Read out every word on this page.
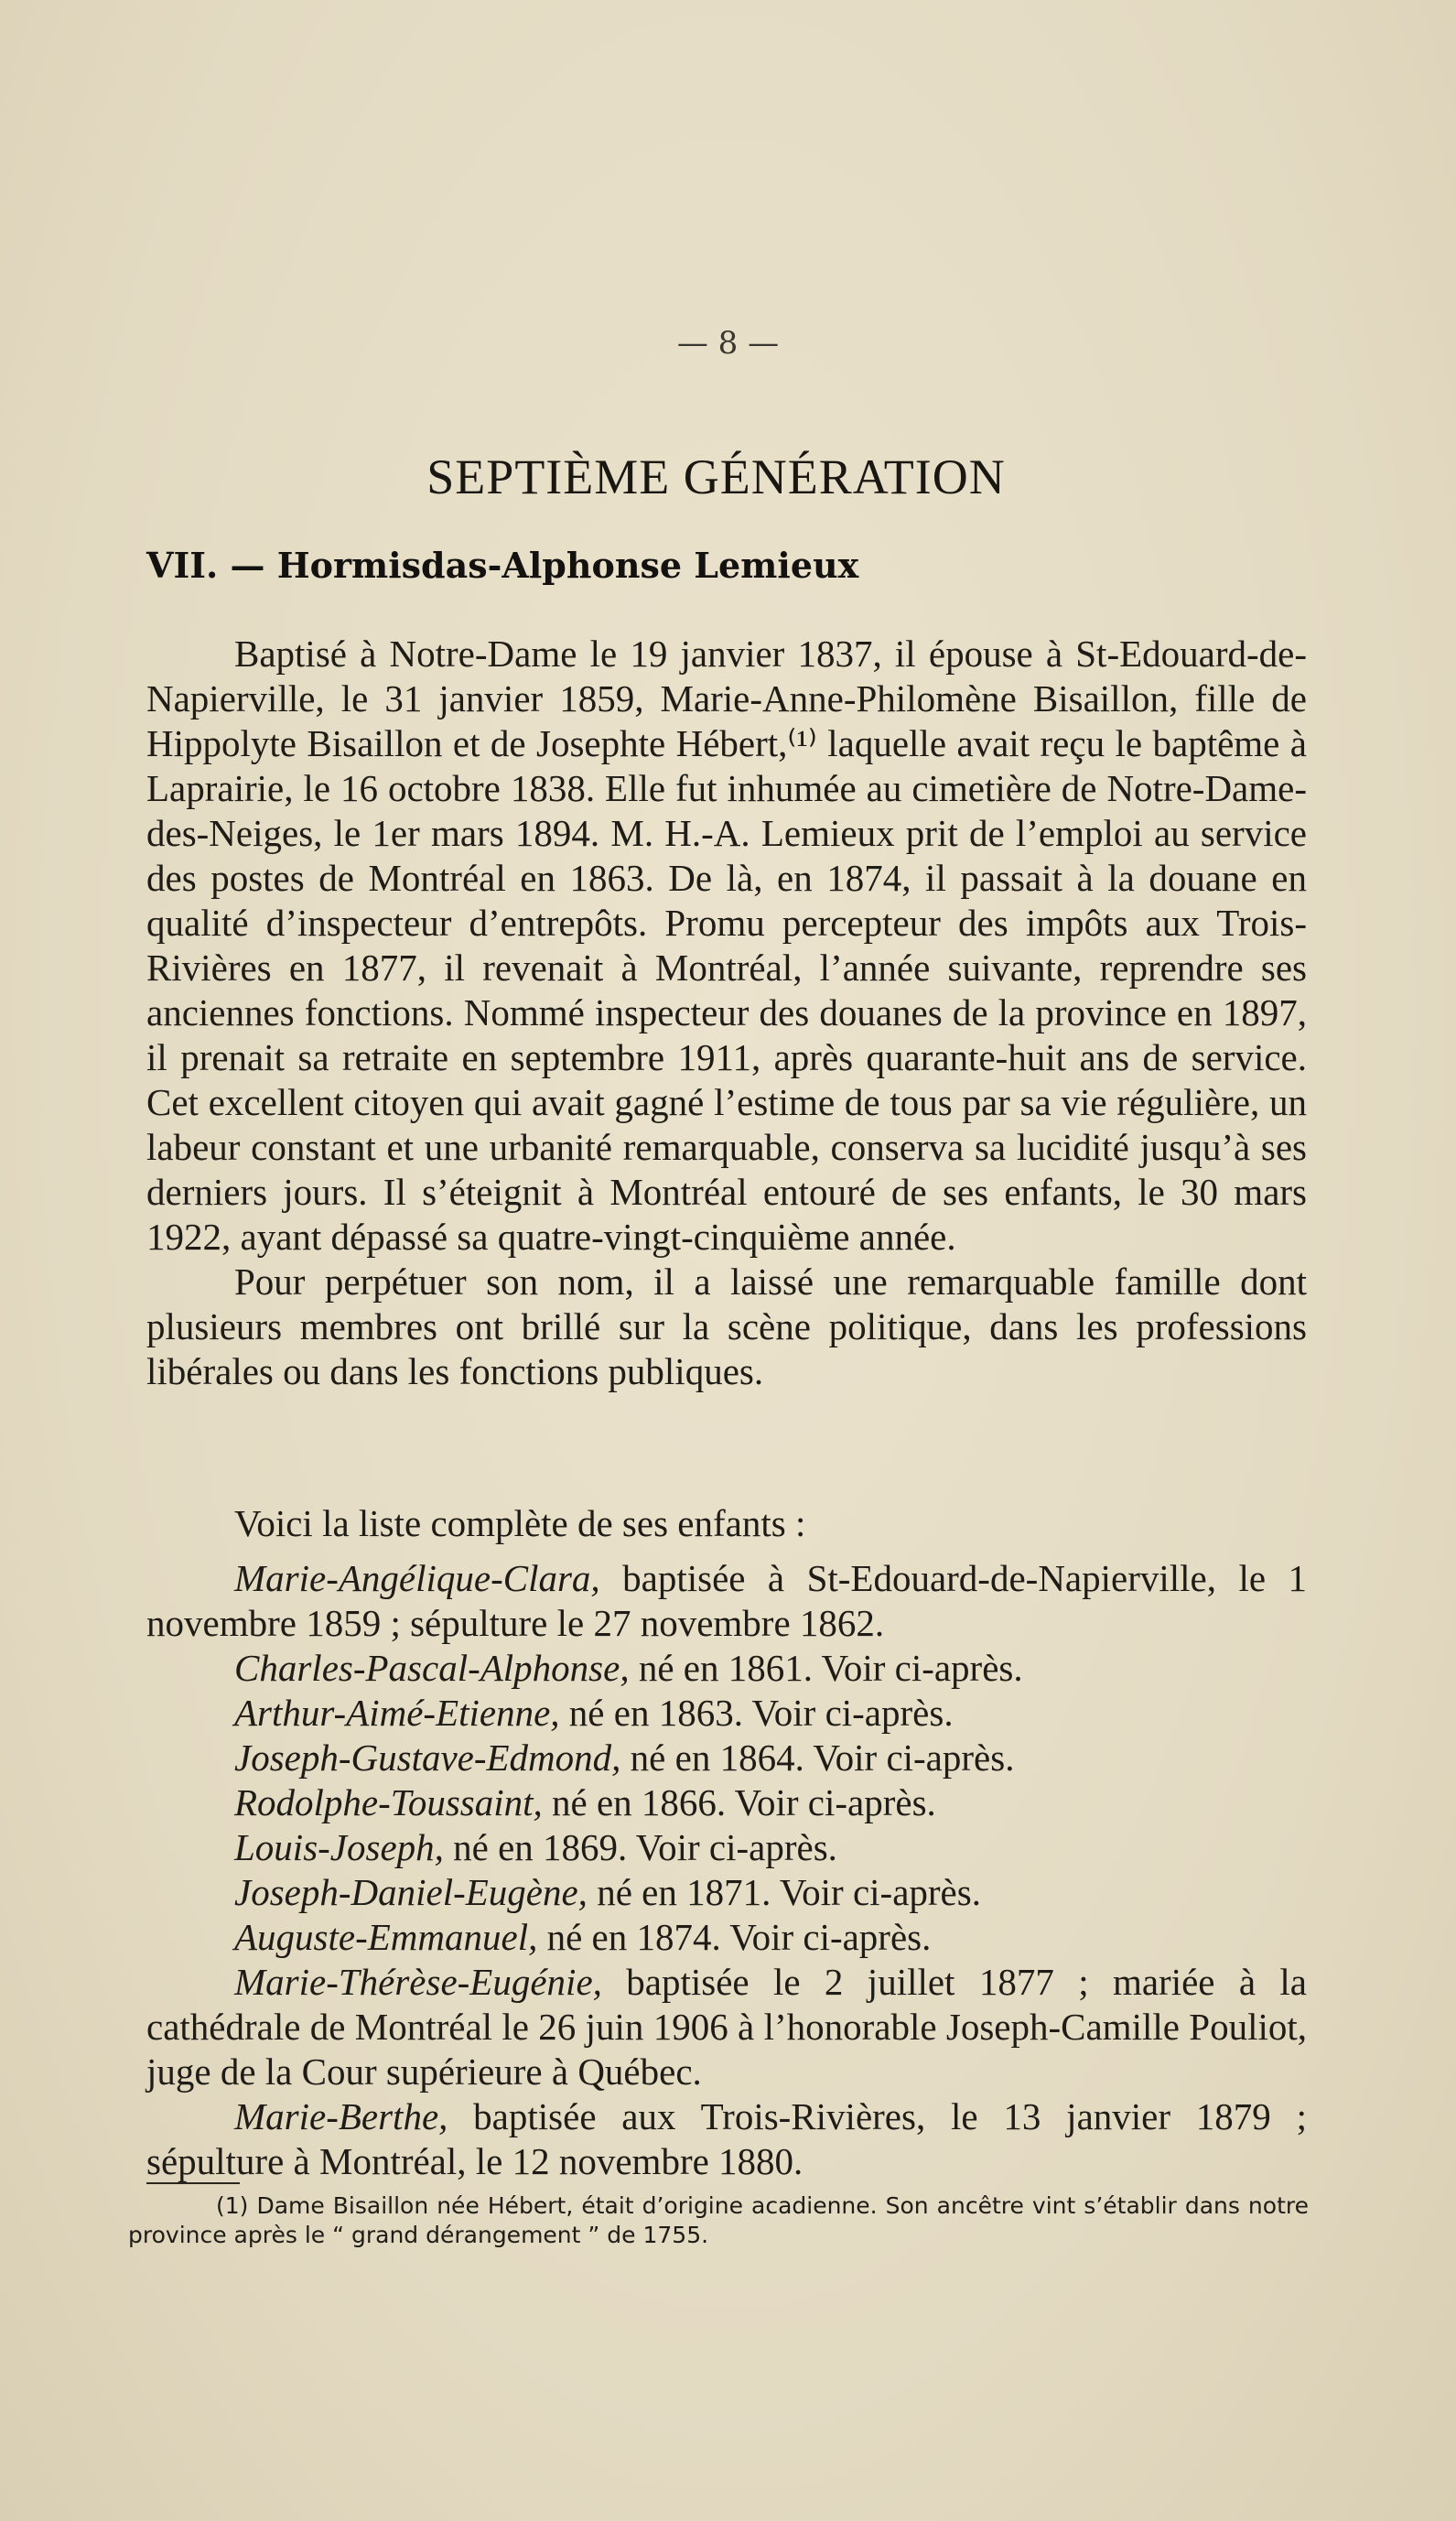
— 8 —
SEPTIÈME GÉNÉRATION
VII. — Hormisdas-Alphonse Lemieux

Baptisé à Notre-Dame le 19 janvier 1837, il épouse à St-Edouard-de-Napierville, le 31 janvier 1859, Marie-Anne-Philomène Bisaillon, fille de Hippolyte Bisaillon et de Josephte Hébert,⁽¹⁾ laquelle avait reçu le baptême à Laprairie, le 16 octobre 1838. Elle fut inhumée au cimetière de Notre-Dame-des-Neiges, le 1er mars 1894. M. H.-A. Lemieux prit de l’emploi au service des postes de Montréal en 1863. De là, en 1874, il passait à la douane en qualité d’inspecteur d’entrepôts. Promu percepteur des impôts aux Trois-Rivières en 1877, il revenait à Montréal, l’année suivante, reprendre ses anciennes fonctions. Nommé inspecteur des douanes de la province en 1897, il prenait sa retraite en septembre 1911, après quarante-huit ans de service. Cet excellent citoyen qui avait gagné l’estime de tous par sa vie régulière, un labeur constant et une urbanité remarquable, conserva sa lucidité jusqu’à ses derniers jours. Il s’éteignit à Montréal entouré de ses enfants, le 30 mars 1922, ayant dépassé sa quatre-vingt-cinquième année.

Pour perpétuer son nom, il a laissé une remarquable famille dont plusieurs membres ont brillé sur la scène politique, dans les professions libérales ou dans les fonctions publiques.

Voici la liste complète de ses enfants :

Marie-Angélique-Clara, baptisée à St-Edouard-de-Napierville, le 1 novembre 1859 ; sépulture le 27 novembre 1862.

Charles-Pascal-Alphonse, né en 1861. Voir ci-après.

Arthur-Aimé-Etienne, né en 1863. Voir ci-après.

Joseph-Gustave-Edmond, né en 1864. Voir ci-après.

Rodolphe-Toussaint, né en 1866. Voir ci-après.

Louis-Joseph, né en 1869. Voir ci-après.

Joseph-Daniel-Eugène, né en 1871. Voir ci-après.

Auguste-Emmanuel, né en 1874. Voir ci-après.

Marie-Thérèse-Eugénie, baptisée le 2 juillet 1877 ; mariée à la cathédrale de Montréal le 26 juin 1906 à l’honorable Joseph-Camille Pouliot, juge de la Cour supérieure à Québec.

Marie-Berthe, baptisée aux Trois-Rivières, le 13 janvier 1879 ; sépulture à Montréal, le 12 novembre 1880.

(1) Dame Bisaillon née Hébert, était d’origine acadienne. Son ancêtre vint s’établir dans notre province après le “ grand dérangement ” de 1755.
